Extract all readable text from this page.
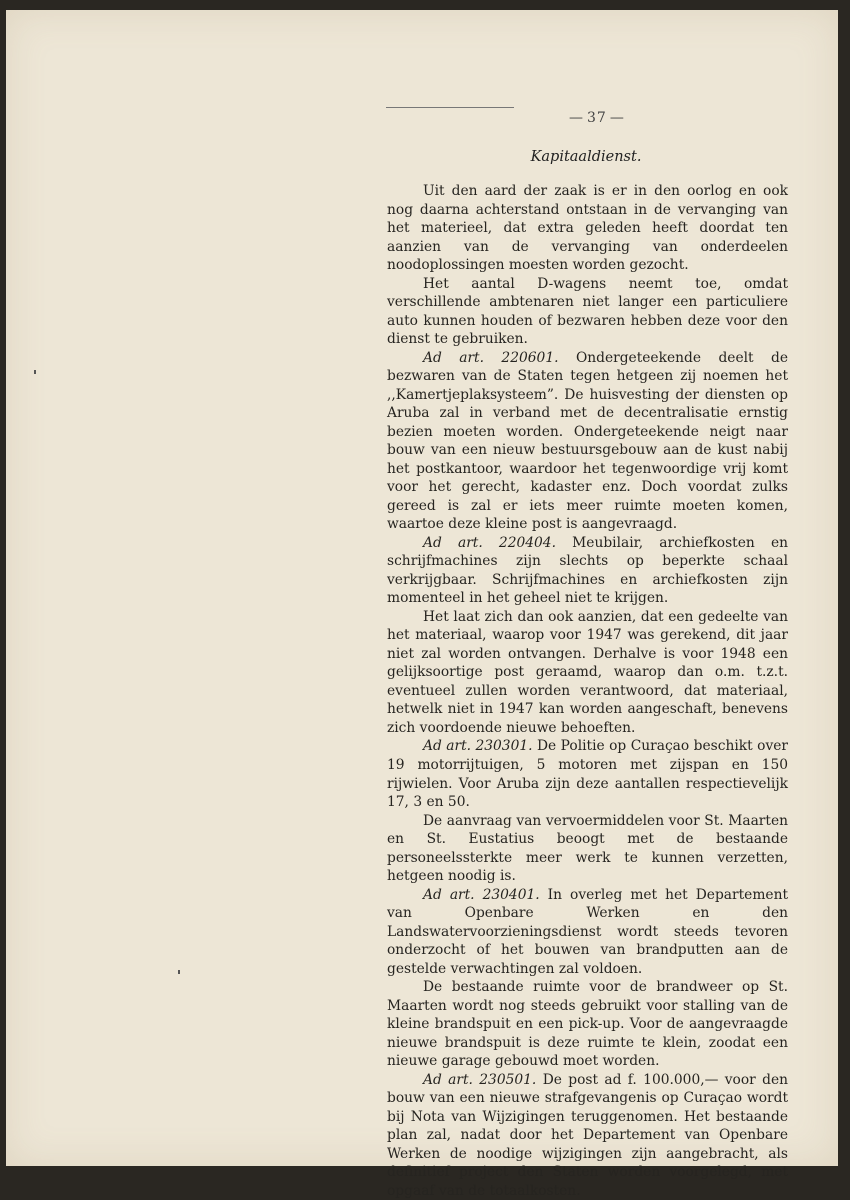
— 37 —
Kapitaaldienst.

Uit den aard der zaak is er in den oorlog en ook nog daarna achterstand ontstaan in de vervanging van het materieel, dat extra geleden heeft doordat ten aanzien van de vervanging van onderdeelen noodoplossingen moesten worden gezocht.

Het aantal D-wagens neemt toe, omdat verschillende ambtenaren niet langer een particuliere auto kunnen houden of bezwaren hebben deze voor den dienst te gebruiken.

Ad art. 220601. Ondergeteekende deelt de bezwaren van de Staten tegen hetgeen zij noemen het ,,Kamertjeplaksysteem”. De huisvesting der diensten op Aruba zal in verband met de decentralisatie ernstig bezien moeten worden. Ondergeteekende neigt naar bouw van een nieuw bestuursgebouw aan de kust nabij het postkantoor, waardoor het tegenwoordige vrij komt voor het gerecht, kadaster enz. Doch voordat zulks gereed is zal er iets meer ruimte moeten komen, waartoe deze kleine post is aangevraagd.

Ad art. 220404. Meubilair, archiefkosten en schrijfmachines zijn slechts op beperkte schaal verkrijgbaar. Schrijfmachines en archiefkosten zijn momenteel in het geheel niet te krijgen.

Het laat zich dan ook aanzien, dat een gedeelte van het materiaal, waarop voor 1947 was gerekend, dit jaar niet zal worden ontvangen. Derhalve is voor 1948 een gelijksoortige post geraamd, waarop dan o.m. t.z.t. eventueel zullen worden verantwoord, dat materiaal, hetwelk niet in 1947 kan worden aangeschaft, benevens zich voordoende nieuwe behoeften.

Ad art. 230301. De Politie op Curaçao beschikt over 19 motorrijtuigen, 5 motoren met zijspan en 150 rijwielen. Voor Aruba zijn deze aantallen respectievelijk 17, 3 en 50.

De aanvraag van vervoermiddelen voor St. Maarten en St. Eustatius beoogt met de bestaande personeelssterkte meer werk te kunnen verzetten, hetgeen noodig is.

Ad art. 230401. In overleg met het Departement van Openbare Werken en den Landswatervoorzieningsdienst wordt steeds tevoren onderzocht of het bouwen van brandputten aan de gestelde verwachtingen zal voldoen.

De bestaande ruimte voor de brandweer op St. Maarten wordt nog steeds gebruikt voor stalling van de kleine brandspuit en een pick-up. Voor de aangevraagde nieuwe brandspuit is deze ruimte te klein, zoodat een nieuwe garage gebouwd moet worden.

Ad art. 230501. De post ad f. 100.000,— voor den bouw van een nieuwe strafgevangenis op Curaçao wordt bij Nota van Wijzigingen teruggenomen. Het bestaande plan zal, nadat door het Departement van Openbare Werken de noodige wijzigingen zijn aangebracht, als definitief project den Staten worden voorgelegd, met opgaaf van de totaalkosten.
